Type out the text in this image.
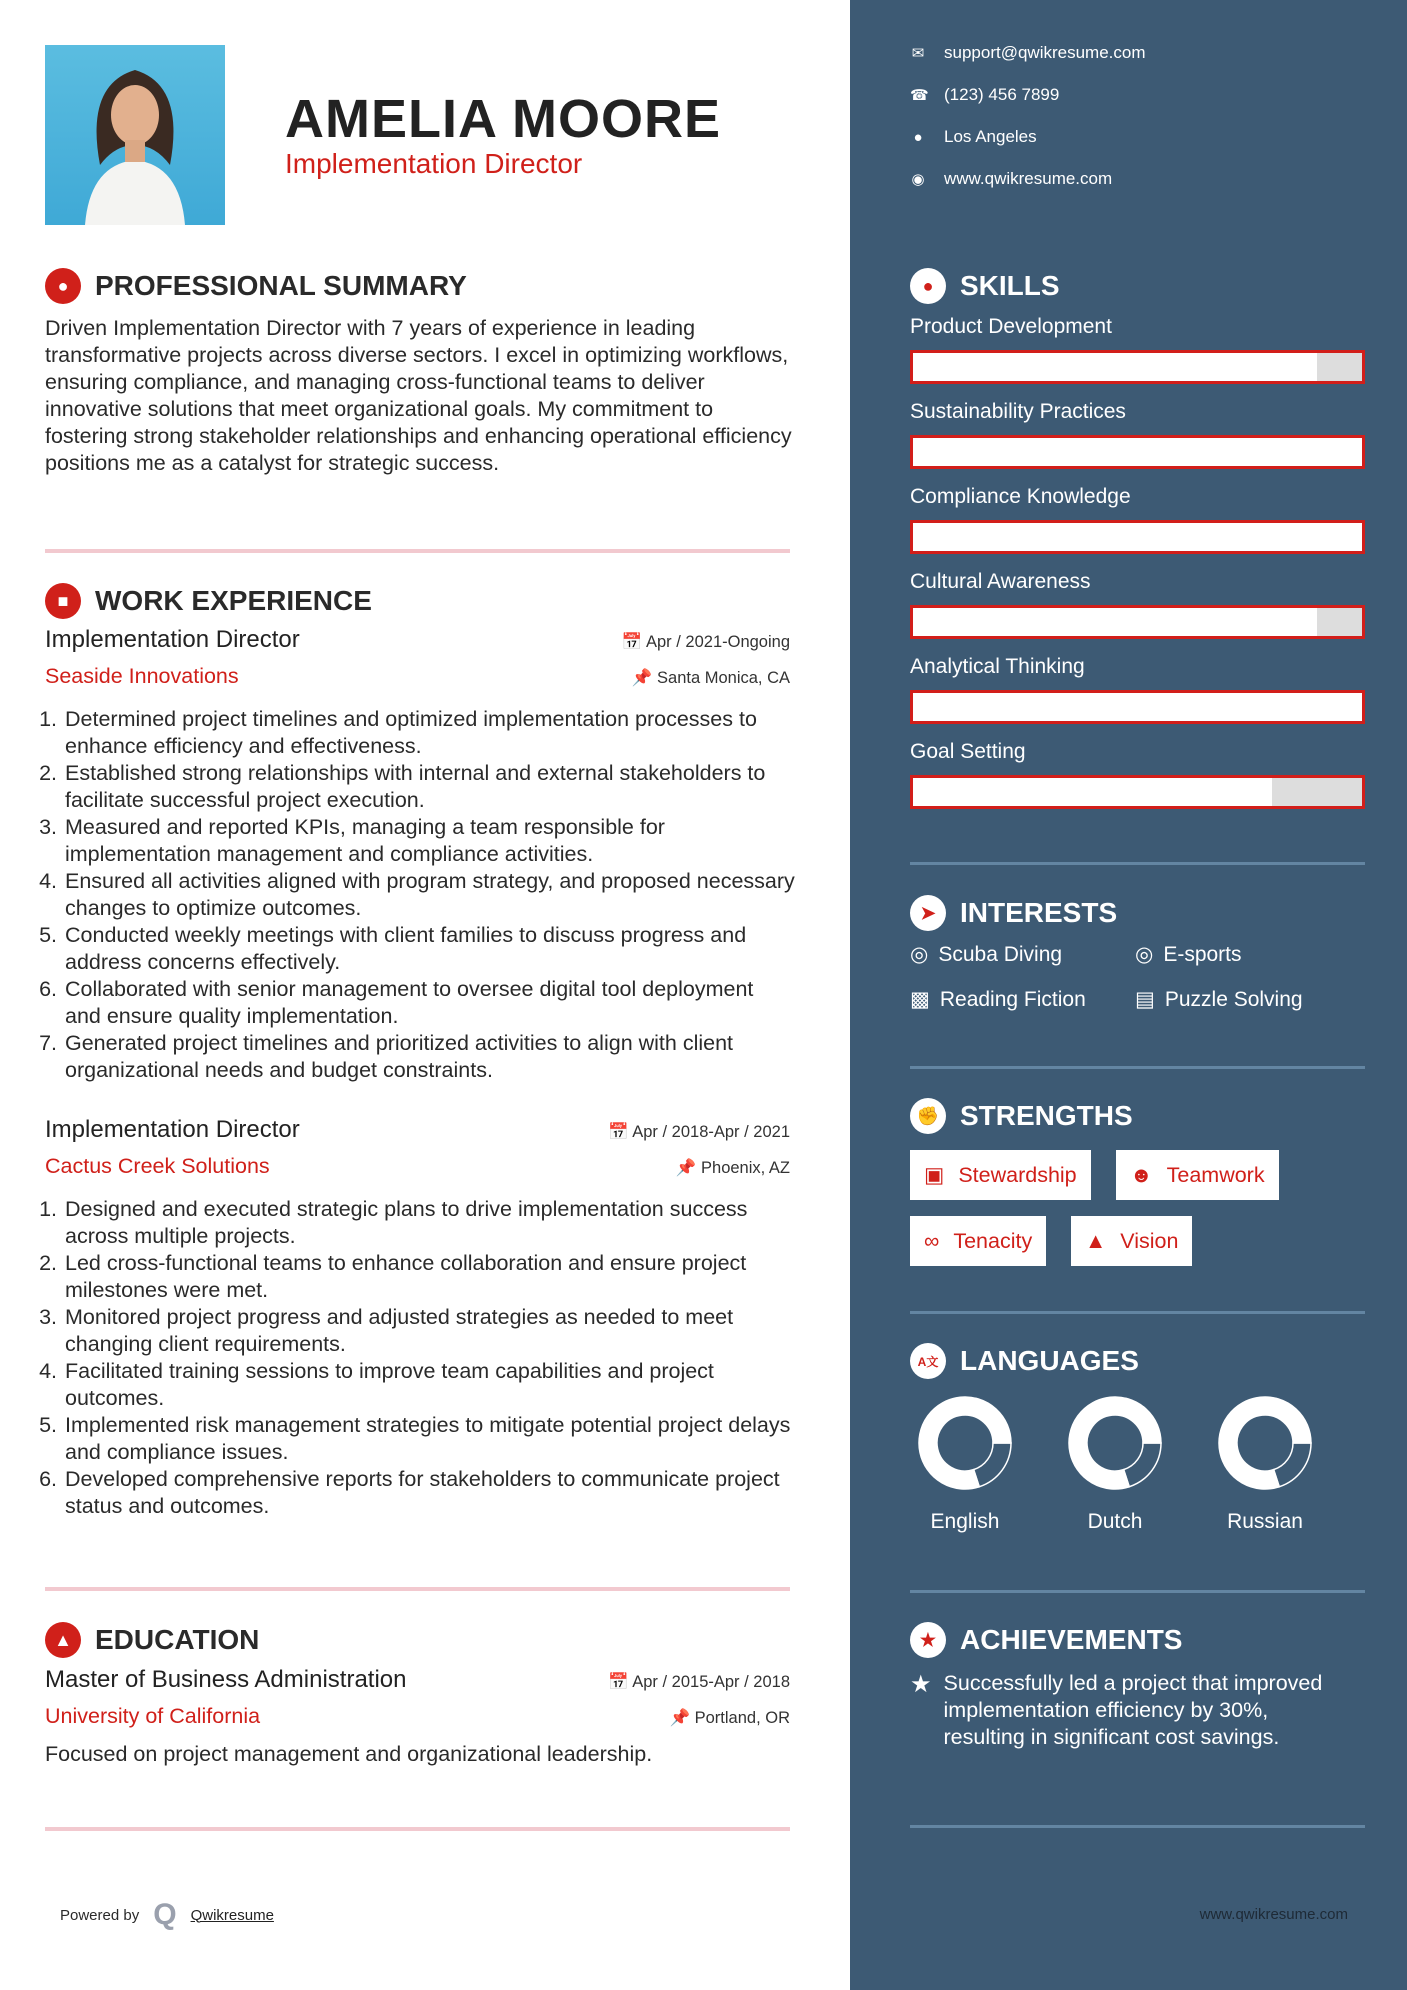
AMELIA MOORE
Implementation Director
● PROFESSIONAL SUMMARY
Driven Implementation Director with 7 years of experience in leading transformative projects across diverse sectors. I excel in optimizing workflows, ensuring compliance, and managing cross-functional teams to deliver innovative solutions that meet organizational goals. My commitment to fostering strong stakeholder relationships and enhancing operational efficiency positions me as a catalyst for strategic success.
■ WORK EXPERIENCE
Implementation Director	📅 Apr / 2021-Ongoing
Seaside Innovations	📌 Santa Monica, CA
1. Determined project timelines and optimized implementation processes to enhance efficiency and effectiveness.
2. Established strong relationships with internal and external stakeholders to facilitate successful project execution.
3. Measured and reported KPIs, managing a team responsible for implementation management and compliance activities.
4. Ensured all activities aligned with program strategy, and proposed necessary changes to optimize outcomes.
5. Conducted weekly meetings with client families to discuss progress and address concerns effectively.
6. Collaborated with senior management to oversee digital tool deployment and ensure quality implementation.
7. Generated project timelines and prioritized activities to align with client organizational needs and budget constraints.
Implementation Director	📅 Apr / 2018-Apr / 2021
Cactus Creek Solutions	📌 Phoenix, AZ
1. Designed and executed strategic plans to drive implementation success across multiple projects.
2. Led cross-functional teams to enhance collaboration and ensure project milestones were met.
3. Monitored project progress and adjusted strategies as needed to meet changing client requirements.
4. Facilitated training sessions to improve team capabilities and project outcomes.
5. Implemented risk management strategies to mitigate potential project delays and compliance issues.
6. Developed comprehensive reports for stakeholders to communicate project status and outcomes.
▲ EDUCATION
Master of Business Administration	📅 Apr / 2015-Apr / 2018
University of California	📌 Portland, OR
Focused on project management and organizational leadership.
Powered by Q Qwikresume
✉ support@qwikresume.com
☎ (123) 456 7899
● Los Angeles
◉ www.qwikresume.com
● SKILLS
Product Development
Sustainability Practices
Compliance Knowledge
Cultural Awareness
Analytical Thinking
Goal Setting
➤ INTERESTS
◎ Scuba Diving	◎ E-sports
▩ Reading Fiction ▤ Puzzle Solving
✊ STRENGTHS
▣ Stewardship ☻ Teamwork
∞ Tenacity ▲ Vision
A文 LANGUAGES
English	Dutch	Russian
★ ACHIEVEMENTS
★ Successfully led a project that improved implementation efficiency by 30%, resulting in significant cost savings.
www.qwikresume.com
